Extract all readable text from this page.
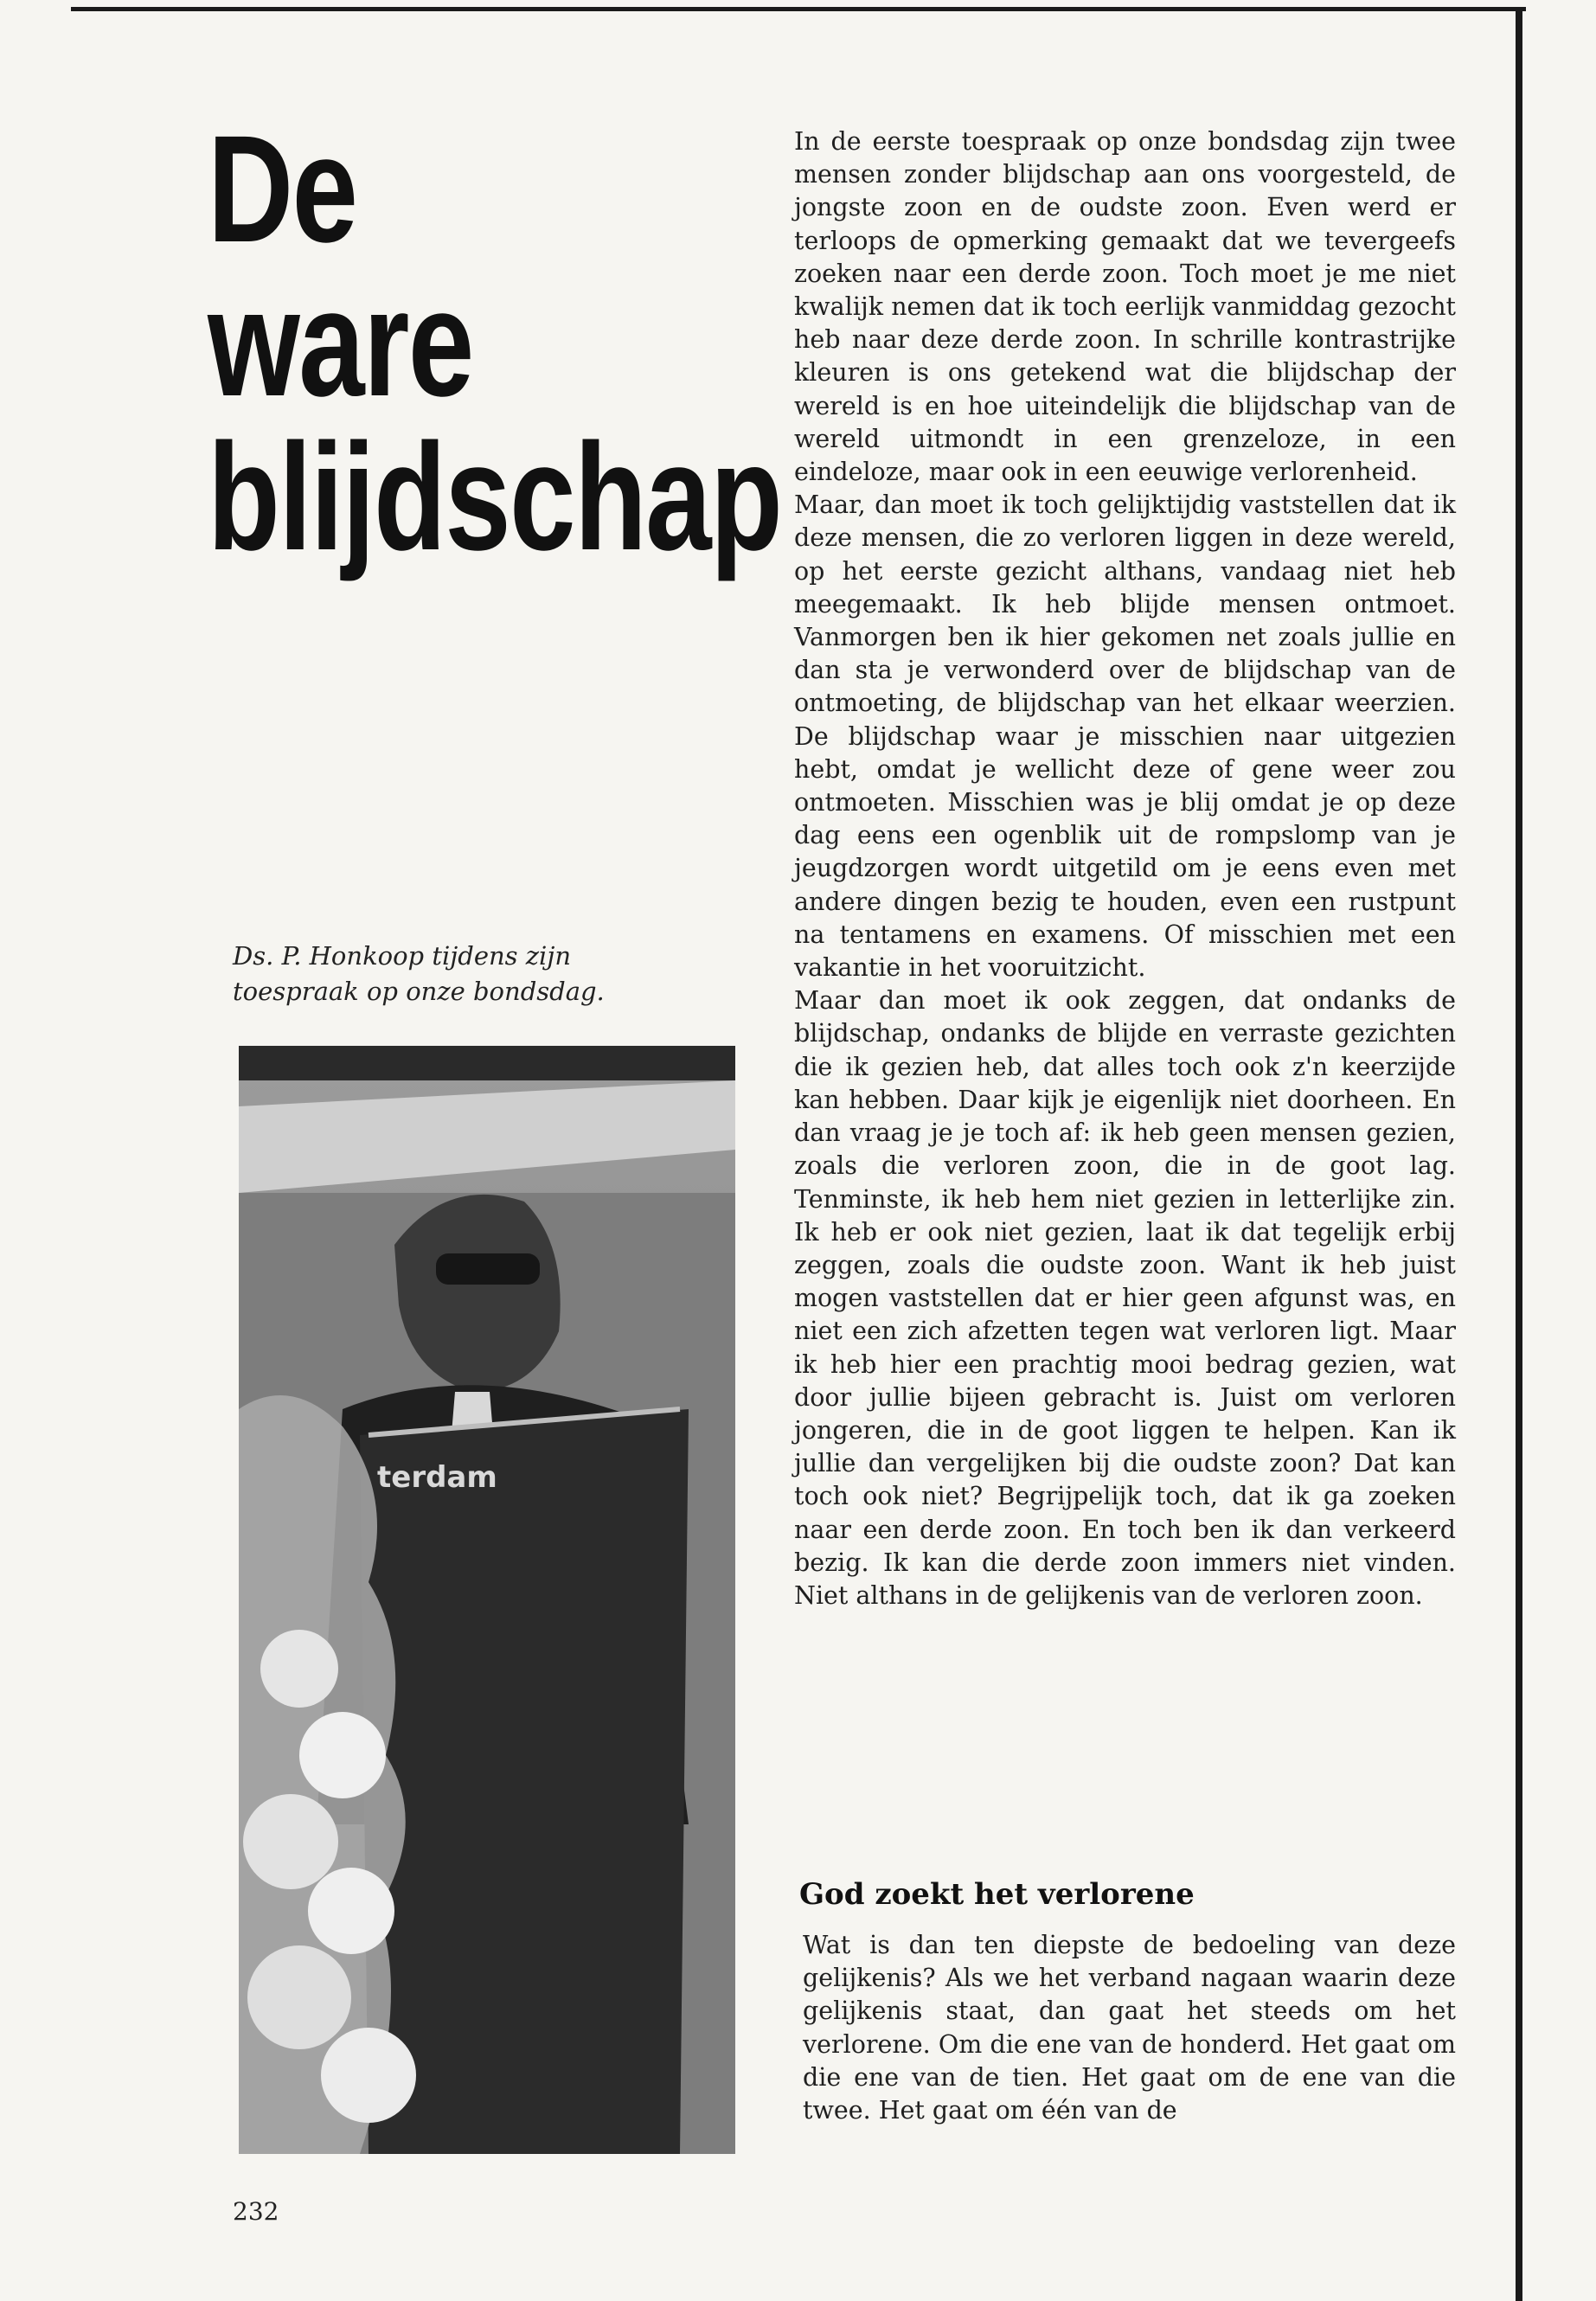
De
ware
blijdschap
Ds. P. Honkoop tijdens zijn
toespraak op onze bondsdag.
terdam

In de eerste toespraak op onze bondsdag zijn twee mensen zonder blijdschap aan ons voorgesteld, de jongste zoon en de oudste zoon. Even werd er terloops de opmerking gemaakt dat we tevergeefs zoeken naar een derde zoon. Toch moet je me niet kwalijk nemen dat ik toch eerlijk vanmiddag gezocht heb naar deze derde zoon. In schrille kontrastrijke kleuren is ons getekend wat die blijdschap der wereld is en hoe uiteindelijk die blijdschap van de wereld uitmondt in een grenzeloze, in een eindeloze, maar ook in een eeuwige verlorenheid.

Maar, dan moet ik toch gelijktijdig vaststellen dat ik deze mensen, die zo verloren liggen in deze wereld, op het eerste gezicht althans, vandaag niet heb meegemaakt. Ik heb blijde mensen ontmoet. Vanmorgen ben ik hier gekomen net zoals jullie en dan sta je verwonderd over de blijdschap van de ontmoeting, de blijdschap van het elkaar weerzien. De blijdschap waar je misschien naar uitgezien hebt, omdat je wellicht deze of gene weer zou ontmoeten. Misschien was je blij omdat je op deze dag eens een ogenblik uit de rompslomp van je jeugdzorgen wordt uitgetild om je eens even met andere dingen bezig te houden, even een rustpunt na tentamens en examens. Of misschien met een vakantie in het vooruitzicht.

Maar dan moet ik ook zeggen, dat ondanks de blijdschap, ondanks de blijde en verraste gezichten die ik gezien heb, dat alles toch ook z'n keerzijde kan hebben. Daar kijk je eigenlijk niet doorheen. En dan vraag je je toch af: ik heb geen mensen gezien, zoals die verloren zoon, die in de goot lag. Tenminste, ik heb hem niet gezien in letterlijke zin. Ik heb er ook niet gezien, laat ik dat tegelijk erbij zeggen, zoals die oudste zoon. Want ik heb juist mogen vaststellen dat er hier geen afgunst was, en niet een zich afzetten tegen wat verloren ligt. Maar ik heb hier een prachtig mooi bedrag gezien, wat door jullie bijeen gebracht is. Juist om verloren jongeren, die in de goot liggen te helpen. Kan ik jullie dan vergelijken bij die oudste zoon? Dat kan toch ook niet? Begrijpelijk toch, dat ik ga zoeken naar een derde zoon. En toch ben ik dan verkeerd bezig. Ik kan die derde zoon immers niet vinden. Niet althans in de gelijkenis van de verloren zoon.

God zoekt het verlorene

Wat is dan ten diepste de bedoeling van deze gelijkenis? Als we het verband nagaan waarin deze gelijkenis staat, dan gaat het steeds om het verlorene. Om die ene van de honderd. Het gaat om die ene van de tien. Het gaat om de ene van die twee. Het gaat om één van de

232
